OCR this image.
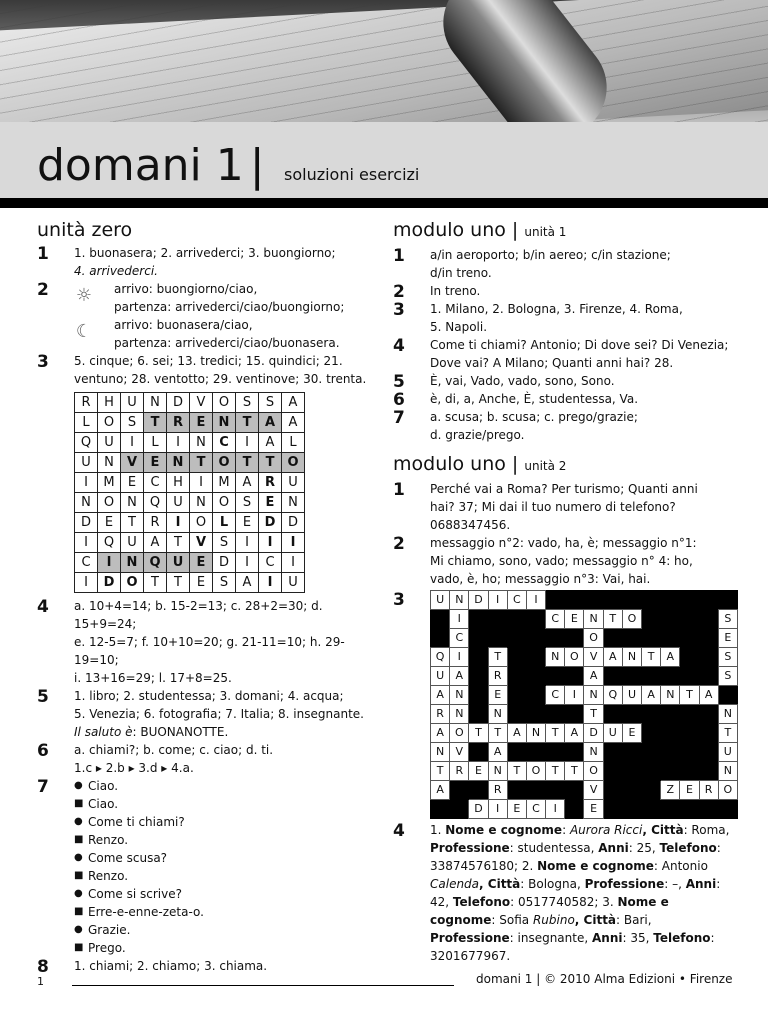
domani 1 |	soluzioni esercizi
unità zero
1 1. buonasera; 2. arrivederci; 3. buongiorno;
4. arrivederci.
2 ☼	arrivo: buongiorno/ciao,
partenza: arrivederci/ciao/buongiorno;
☾	arrivo: buonasera/ciao,
partenza: arrivederci/ciao/buonasera.
3 5. cinque; 6. sei; 13. tredici; 15. quindici; 21.
ventuno; 28. ventotto; 29. ventinove; 30. trenta.
R	H	U	N	D	V	O	S	S	A
L	O	S	T	R	E	N	T	A	A
Q	U	I	L	I	N	C	I	A	L
U	N	V	E	N	T	O	T	T	O
I	M	E	C	H	I	M	A	R	U
N	O	N	Q	U	N	O	S	E	N
D	E	T	R	I	O	L	E	D	D
I	Q	U	A	T	V	S	I	I	I
C	I	N	Q	U	E	D	I	C	I
I	D	O	T	T	E	S	A	I	U
4 a. 10+4=14; b. 15-2=13; c. 28+2=30; d. 15+9=24;
e. 12-5=7; f. 10+10=20; g. 21-11=10; h. 29-19=10;
i. 13+16=29; l. 17+8=25.
5 1. libro; 2. studentessa; 3. domani; 4. acqua;
5. Venezia; 6. fotografia; 7. Italia; 8. insegnante.
Il saluto è: BUONANOTTE.
6 a. chiami?; b. come; c. ciao; d. ti.
1.c ▸ 2.b ▸ 3.d ▸ 4.a.
7	● Ciao.
■ Ciao.
● Come ti chiami?
■ Renzo.
● Come scusa?
■ Renzo.
● Come si scrive?
■ Erre-e-enne-zeta-o.
● Grazie.
■ Prego.
8 1. chiami; 2. chiamo; 3. chiama.
modulo uno | unità 1
1 a/in aeroporto; b/in aereo; c/in stazione;
d/in treno.
2 In treno.
3 1. Milano, 2. Bologna, 3. Firenze, 4. Roma,
5. Napoli.
4 Come ti chiami? Antonio; Di dove sei? Di Venezia;
Dove vai? A Milano; Quanti anni hai? 28.
5 È, vai, Vado, vado, sono, Sono.
6 è, di, a, Anche, È, studentessa, Va.
7 a. scusa; b. scusa; c. prego/grazie;
d. grazie/prego.
modulo uno | unità 2
1 Perché vai a Roma? Per turismo; Quanti anni
hai? 37; Mi dai il tuo numero di telefono?
0688347456.
2 messaggio n°2: vado, ha, è; messaggio n°1:
Mi chiamo, sono, vado; messaggio n° 4: ho,
vado, è, ho; messaggio n°3: Vai, hai.
3	U	N	D	I	C	I										
	I					C	E	N	T	O					S
	C							O							E
Q	I		T			N	O	V	A	N	T	A			S
U	A		R					A							S
A	N		E			C	I	N	Q	U	A	N	T	A	
R	N		N					T							N
A	O	T	T	A	N	T	A	D	U	E					T
N	V		A					N							U
T	R	E	N	T	O	T	T	O							N
A			R					V				Z	E	R	O
		D	I	E	C	I		E							
4 1. Nome e cognome: Aurora Ricci, Città: Roma, Professione: studentessa, Anni: 25, Telefono: 33874576180; 2. Nome e cognome: Antonio Calenda, Città: Bologna, Professione: –, Anni: 42, Telefono: 0517740582; 3. Nome e cognome: Sofia Rubino, Città: Bari, Professione: insegnante, Anni: 35, Telefono: 3201677967.
1	domani 1 | © 2010 Alma Edizioni • Firenze
